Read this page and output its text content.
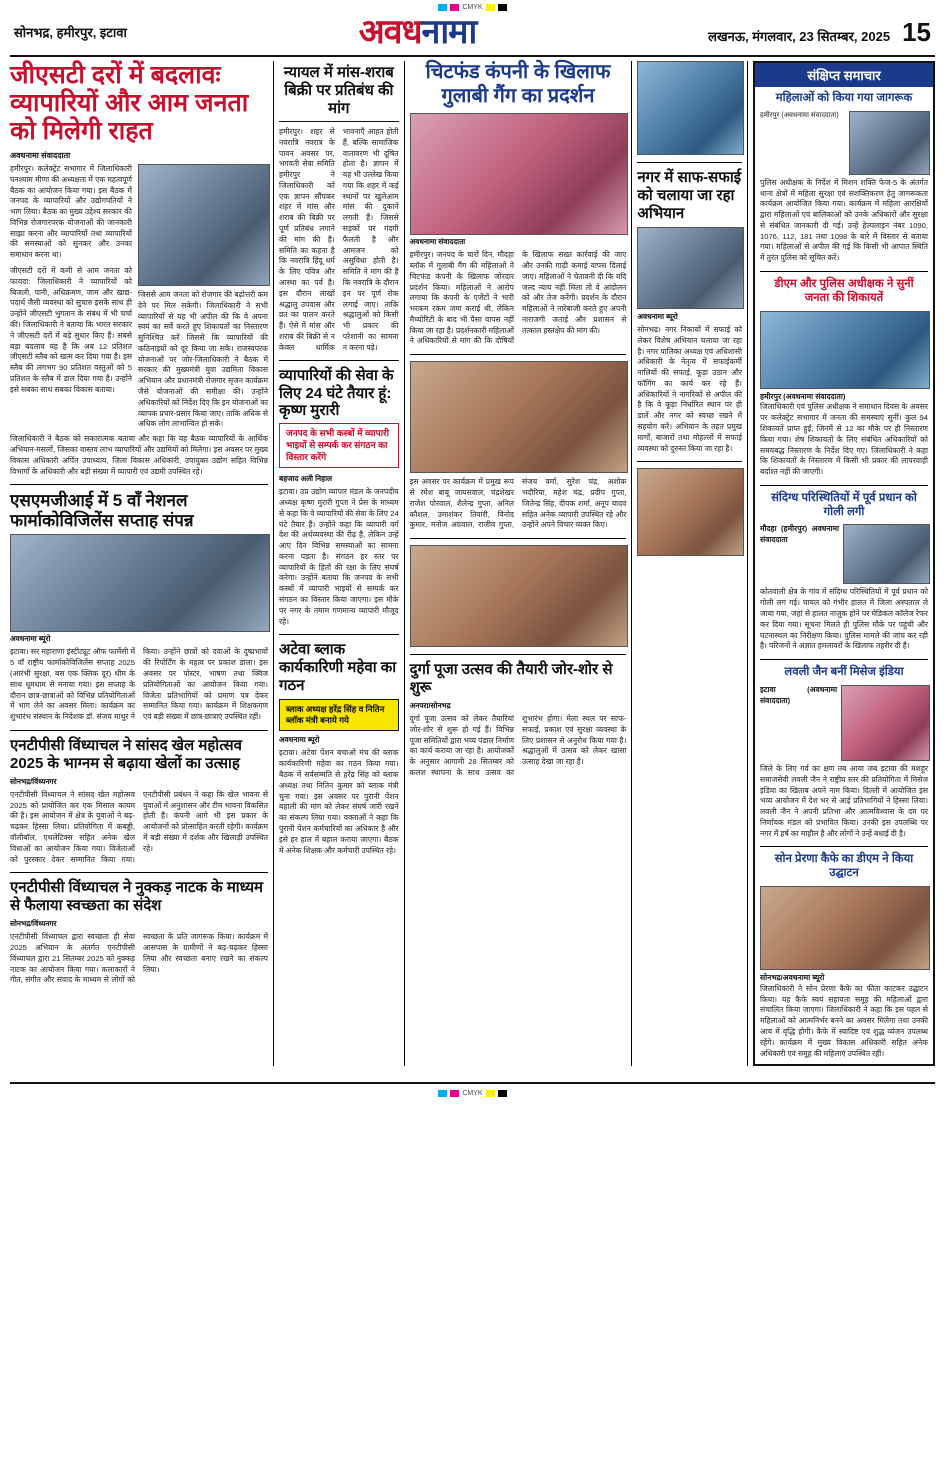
CMYK
सोनभद्र, हमीरपुर, इटावा	अवधनामा	लखनऊ, मंगलवार, 23 सितम्बर, 2025 15
जीएसटी दरों में बदलावः व्यापारियों और आम जनता को मिलेगी राहत
अवधनामा संवाददाता
हमीरपुर। कलेक्ट्रेट सभागार में जिलाधिकारी घनश्याम मीणा की अध्यक्षता में एक महत्वपूर्ण बैठक का आयोजन किया गया। इस बैठक में जनपद के व्यापारियों और उद्योगपतियों ने भाग लिया। बैठक का मुख्य उद्देश्य सरकार की विभिन्न रोजगारपरक योजनाओं की जानकारी साझा करना और व्यापारियों तथा व्यापारियों की समस्याओं को सुनकर और उनका समाधान करना था।
जीएसटी दरों में कमी से आम जनता को फायदा: जिलाधिकारी ने व्यापारियों को बिजली, पानी, अधिक्रमण, जाम और खाद्य-पदार्थ जैसी व्यवस्था को सुचारु इसके साथ ही उन्होंने जीएसटी भुगतान के संबंध में भी चर्चा की। जिलाधिकारी ने बताया कि भारत सरकार ने जीएसटी दरों में बड़े सुधार किए हैं। सबसे बड़ा बदलाव यह है कि अब 12 प्रतिशत जीएसटी स्लैब को खत्म कर दिया गया है। इस स्लैब की लगभग 90 प्रतिशत वस्तुओं को 5 प्रतिशत के स्लैब में डाल दिया गया है। उन्होंने इसे सबका साथ सबका विकास बताया।
जिससे आम जनता को रोजगार की बढ़ोत्तरी कम देने पर मिल सकेगी। जिलाधिकारी ने सभी व्यापारियों से यह भी अपील की कि वे अपना स्वयं का सर्वे करते हुए शिकायतों का निस्तारण सुनिश्चित करें जिससे कि व्यापारियों की कठिनाइयों को दूर किया जा सके। राजस्वपरक योजनाओं पर जोर-जिलाधिकारी ने बैठक में सरकार की मुख्यमंत्री युवा उद्यमिता विकास अभियान और प्रधानमंत्री रोजगार सृजन कार्यक्रम जैसे योजनाओं की समीक्षा की। उन्होंने अधिकारियों को निर्देश दिए कि इन योजनाओं का व्यापक प्रचार-प्रसार किया जाए। ताकि अधिक से अधिक लोग लाभान्वित हो सकें।
जिलाधिकारी ने बैठक को सकारात्मक बताया और कहा कि यह बैठक व्यापारियों के आर्थिक अभियान-मसलों, जिसका वास्तव लाभ व्यापारियों और उद्यमियों को मिलेगा। इस अवसर पर मुख्य विकास अधिकारी अर्पित उपाध्याय, जिला विकास अधिकारी, उपायुक्त उद्योग सहित विभिन्न विभागों के अधिकारी और बड़ी संख्या में व्यापारी एवं उद्यमी उपस्थित रहे।
एसएमजीआई में 5 वाँ नेशनल फार्माकोविजिलेंस सप्ताह संपन्न
अवधनामा ब्यूरो
इटावा। सर महाराणा इंस्टीट्यूट ऑफ फार्मेसी में 5 वाँ राष्ट्रीय फार्माकोविजिलेंस सप्ताह 2025 (आरंभी सुरक्षा, बस एक क्लिक दूर) थीम के साथ धूमधाम से मनाया गया। इस सप्ताह के दौरान छात्र-छात्राओं को विभिन्न प्रतियोगिताओं में भाग लेने का अवसर मिला। कार्यक्रम का शुभारंभ संस्थान के निदेशक डॉ. संजय माथुर ने किया। उन्होंने छात्रों को दवाओं के दुष्प्रभावों की रिपोर्टिंग के महत्व पर प्रकाश डाला। इस अवसर पर पोस्टर, भाषण तथा क्विज प्रतियोगिताओं का आयोजन किया गया। विजेता प्रतिभागियों को प्रमाण पत्र देकर सम्मानित किया गया। कार्यक्रम में शिक्षकगण एवं बड़ी संख्या में छात्र-छात्राएं उपस्थित रहीं।
एनटीपीसी विंध्याचल ने सांसद खेल महोत्सव 2025 के भाग्नम से बढ़ाया खेलों का उत्साह
सोनभद्र/विंध्यनगर
एनटीपीसी विंध्याचल ने सांसद खेल महोत्सव 2025 को प्रायोजित कर एक मिसाल कायम की है। इस आयोजन में क्षेत्र के युवाओं ने बढ़-चढ़कर हिस्सा लिया। प्रतियोगिता में कबड्डी, वॉलीबॉल, एथलेटिक्स सहित अनेक खेल विधाओं का आयोजन किया गया। विजेताओं को पुरस्कार देकर सम्मानित किया गया। एनटीपीसी प्रबंधन ने कहा कि खेल भावना से युवाओं में अनुशासन और टीम भावना विकसित होती है। कंपनी आगे भी इस प्रकार के आयोजनों को प्रोत्साहित करती रहेगी। कार्यक्रम में बड़ी संख्या में दर्शक और खिलाड़ी उपस्थित रहे।
एनटीपीसी विंध्याचल ने नुक्कड़ नाटक के माध्यम से फैलाया स्वच्छता का संदेश
सोनभद्र/विंध्यनगर
एनटीपीसी विंध्याचल द्वारा स्वच्छता ही सेवा 2025 अभियान के अंतर्गत एनटीपीसी विंध्याचल द्वारा 21 सितम्बर 2025 को नुक्कड़ नाटक का आयोजन किया गया। कलाकारों ने गीत, संगीत और संवाद के माध्यम से लोगों को स्वच्छता के प्रति जागरूक किया। कार्यक्रम में आसपास के ग्रामीणों ने बढ़-चढ़कर हिस्सा लिया और स्वच्छता बनाए रखने का संकल्प लिया।
न्यायल में मांस-शराब बिक्री पर प्रतिबंध की मांग
हमीरपुर। शहर से नवरात्रि नवरात्र के पावन अवसर पर, भगवती सेवा समिति हमीरपुर ने जिलाधिकारी को एक ज्ञापन सौंपकर शहर में मांस और शराब की बिक्री पर पूर्ण प्रतिबंध लगाने की मांग की है। समिति का कहना है कि नवरात्रि हिंदू धर्म के लिए पवित्र और आस्था का पर्व है। इस दौरान लाखों श्रद्धालु उपवास और व्रत का पालन करते हैं। ऐसे में मांस और शराब की बिक्री से न केवल धार्मिक भावनाएँ आहत होती हैं, बल्कि सामाजिक वातावरण भी दूषित होता है। ज्ञापन में यह भी उल्लेख किया गया कि शहर में कई स्थानों पर खुलेआम मांस की दुकानें लगती हैं। जिससे सड़कों पर गंदगी फैलती है और आमजन को असुविधा होती है। समिति ने मांग की है कि नवरात्रि के दौरान इन पर पूर्ण रोक लगाई जाए। ताकि श्रद्धालुओं को किसी भी प्रकार की परेशानी का सामना न करना पड़े।
व्यापारियों की सेवा के लिए 24 घंटे तैयार हूं: कृष्ण मुरारी
जनपद के सभी कस्बों में व्यापारी भाइयों से सम्पर्क कर संगठन का विस्तार करेंगे
बहजाद अली निहाल
इटावा। उप्र उद्योग व्यापार मंडल के जनपदीय अध्यक्ष कृष्ण मुरारी गुप्ता ने प्रेस के माध्यम से कहा कि वे व्यापारियों की सेवा के लिए 24 घंटे तैयार हैं। उन्होंने कहा कि व्यापारी वर्ग देश की अर्थव्यवस्था की रीढ़ है, लेकिन उन्हें आए दिन विभिन्न समस्याओं का सामना करना पड़ता है। संगठन हर स्तर पर व्यापारियों के हितों की रक्षा के लिए संघर्ष करेगा। उन्होंने बताया कि जनपद के सभी कस्बों में व्यापारी भाइयों से सम्पर्क कर संगठन का विस्तार किया जाएगा। इस मौके पर नगर के तमाम गणमान्य व्यापारी मौजूद रहे।
अटेवा ब्लाक कार्यकारिणी महेवा का गठन
ब्लाक अध्यक्ष हरेंद्र सिंह व नितिन ब्लॉक मंत्री बनाये गये
अवधनामा ब्यूरो
इटावा। अटेवा पेंशन बचाओ मंच की ब्लाक कार्यकारिणी महेवा का गठन किया गया। बैठक में सर्वसम्मति से हरेंद्र सिंह को ब्लाक अध्यक्ष तथा नितिन कुमार को ब्लाक मंत्री चुना गया। इस अवसर पर पुरानी पेंशन बहाली की मांग को लेकर संघर्ष जारी रखने का संकल्प लिया गया। वक्ताओं ने कहा कि पुरानी पेंशन कर्मचारियों का अधिकार है और इसे हर हाल में बहाल कराया जाएगा। बैठक में अनेक शिक्षक और कर्मचारी उपस्थित रहे।
चिटफंड कंपनी के खिलाफ गुलाबी गैंग का प्रदर्शन
अवधनामा संवाददाता
हमीरपुर। जनपद के चारों दिन, मौदहा ब्लॉक में गुलाबी गैंग की महिलाओं ने चिटफंड कंपनी के खिलाफ जोरदार प्रदर्शन किया। महिलाओं ने आरोप लगाया कि कंपनी के एजेंटों ने भारी भरकम रकम जमा कराई थी, लेकिन मैच्योरिटी के बाद भी पैसा वापस नहीं किया जा रहा है। प्रदर्शनकारी महिलाओं ने अधिकारियों से मांग की कि दोषियों के खिलाफ सख्त कार्रवाई की जाए और उनकी गाढ़ी कमाई वापस दिलाई जाए। महिलाओं ने चेतावनी दी कि यदि जल्द न्याय नहीं मिला तो वे आंदोलन को और तेज करेंगी। प्रदर्शन के दौरान महिलाओं ने नारेबाजी करते हुए अपनी नाराजगी जताई और प्रशासन से तत्काल हस्तक्षेप की मांग की।
इस अवसर पर कार्यक्रम में प्रमुख रूप से रमेश बाबू जायसवाल, चंद्रशेखर राजेश पोरवाल, शैलेन्द्र गुप्ता, अनिल कौशल, उमाशंकर तिवारी, विनोद कुमार, मनोज अग्रवाल, राजीव गुप्ता, संजय वर्मा, सुरेश चंद्र, अशोक भदौरिया, महेश चंद्र, प्रदीप गुप्ता, जितेन्द्र सिंह, दीपक शर्मा, अनूप यादव सहित अनेक व्यापारी उपस्थित रहे और उन्होंने अपने विचार व्यक्त किए।
दुर्गा पूजा उत्सव की तैयारी जोर-शोर से शुरू
अनपरा/सोनभद्र
दुर्गा पूजा उत्सव को लेकर तैयारियां जोर-शोर से शुरू हो गई हैं। विभिन्न पूजा समितियों द्वारा भव्य पंडाल निर्माण का कार्य कराया जा रहा है। आयोजकों के अनुसार आगामी 28 सितम्बर को कलश स्थापना के साथ उत्सव का शुभारंभ होगा। मेला स्थल पर साफ-सफाई, प्रकाश एवं सुरक्षा व्यवस्था के लिए प्रशासन से अनुरोध किया गया है। श्रद्धालुओं में उत्सव को लेकर खासा उत्साह देखा जा रहा है।
नगर में साफ-सफाई को चलाया जा रहा अभियान
अवधनामा ब्यूरो
सोनभद्र। नगर निकायों में सफाई को लेकर विशेष अभियान चलाया जा रहा है। नगर पालिका अध्यक्ष एवं अधिशासी अधिकारी के नेतृत्व में सफाईकर्मी नालियों की सफाई, कूड़ा उठान और फॉगिंग का कार्य कर रहे हैं। अधिकारियों ने नागरिकों से अपील की है कि वे कूड़ा निर्धारित स्थान पर ही डालें और नगर को स्वच्छ रखने में सहयोग करें। अभियान के तहत प्रमुख मार्गों, बाजारों तथा मोहल्लों में सफाई व्यवस्था को दुरुस्त किया जा रहा है।
संक्षिप्त समाचार
महिलाओं को किया गया जागरूक
हमीरपुर (अवधनामा संवाददाता)
पुलिस अधीक्षक के निर्देश में मिशन शक्ति फेज-5 के अंतर्गत थाना क्षेत्रों में महिला सुरक्षा एवं सशक्तिकरण हेतु जागरूकता कार्यक्रम आयोजित किया गया। कार्यक्रम में महिला आरक्षियों द्वारा महिलाओं एवं बालिकाओं को उनके अधिकारों और सुरक्षा से संबंधित जानकारी दी गई। उन्हें हेल्पलाइन नंबर 1090, 1076, 112, 181 तथा 1098 के बारे में विस्तार से बताया गया। महिलाओं से अपील की गई कि किसी भी आपात स्थिति में तुरंत पुलिस को सूचित करें।
डीएम और पुलिस अधीक्षक ने सुनीं जनता की शिकायतें
हमीरपुर (अवधनामा संवाददाता)
जिलाधिकारी एवं पुलिस अधीक्षक ने समाधान दिवस के अवसर पर कलेक्ट्रेट सभागार में जनता की समस्याएं सुनीं। कुल 94 शिकायतें प्राप्त हुईं, जिनमें से 12 का मौके पर ही निस्तारण किया गया। शेष शिकायतों के लिए संबंधित अधिकारियों को समयबद्ध निस्तारण के निर्देश दिए गए। जिलाधिकारी ने कहा कि शिकायतों के निस्तारण में किसी भी प्रकार की लापरवाही बर्दाश्त नहीं की जाएगी।
संदिग्ध परिस्थितियों में पूर्व प्रधान को गोली लगी
मौदहा (हमीरपुर) अवधनामा संवाददाता
कोतवाली क्षेत्र के गांव में संदिग्ध परिस्थितियों में पूर्व प्रधान को गोली लग गई। घायल को गंभीर हालत में जिला अस्पताल ले जाया गया, जहां से हालत नाजुक होने पर मेडिकल कॉलेज रेफर कर दिया गया। सूचना मिलते ही पुलिस मौके पर पहुंची और घटनास्थल का निरीक्षण किया। पुलिस मामले की जांच कर रही है। परिजनों ने अज्ञात हमलावरों के खिलाफ तहरीर दी है।
लवली जैन बनीं मिसेज इंडिया
इटावा (अवधनामा संवाददाता)
जिले के लिए गर्व का क्षण तब आया जब इटावा की मशहूर समाजसेवी लवली जैन ने राष्ट्रीय स्तर की प्रतियोगिता में मिसेज इंडिया का खिताब अपने नाम किया। दिल्ली में आयोजित इस भव्य आयोजन में देश भर से आई प्रतिभागियों ने हिस्सा लिया। लवली जैन ने अपनी प्रतिभा और आत्मविश्वास के दम पर निर्णायक मंडल को प्रभावित किया। उनकी इस उपलब्धि पर नगर में हर्ष का माहौल है और लोगों ने उन्हें बधाई दी है।
सोन प्रेरणा कैफे का डीएम ने किया उद्घाटन
सोनभद्र/अवधनामा ब्यूरो
जिलाधिकारी ने सोन प्रेरणा कैफे का फीता काटकर उद्घाटन किया। यह कैफे स्वयं सहायता समूह की महिलाओं द्वारा संचालित किया जाएगा। जिलाधिकारी ने कहा कि इस पहल से महिलाओं को आत्मनिर्भर बनने का अवसर मिलेगा तथा उनकी आय में वृद्धि होगी। कैफे में स्वादिष्ट एवं शुद्ध व्यंजन उपलब्ध रहेंगे। कार्यक्रम में मुख्य विकास अधिकारी सहित अनेक अधिकारी एवं समूह की महिलाएं उपस्थित रहीं।
CMYK
